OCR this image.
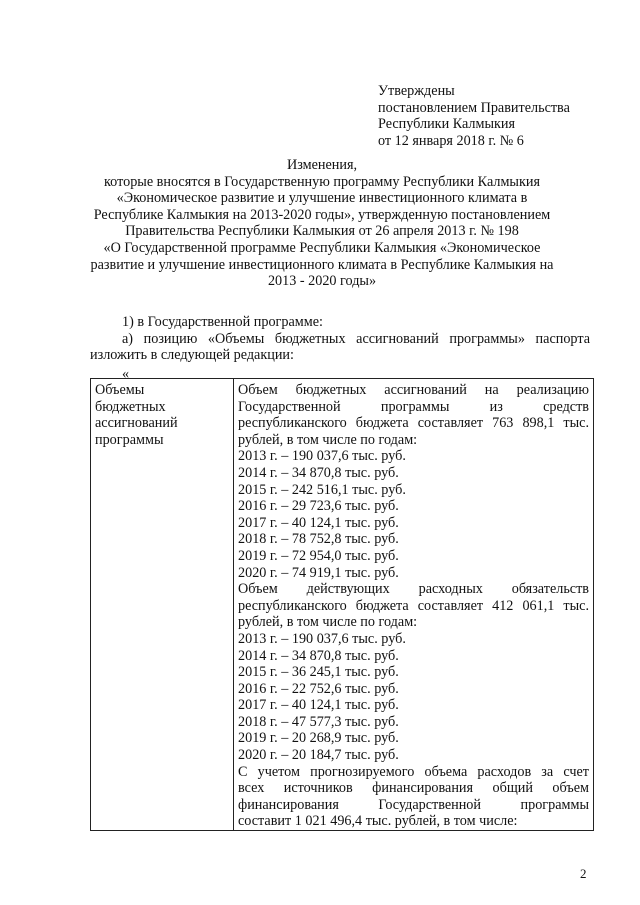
Утверждены
постановлением Правительства
Республики Калмыкия
от 12 января 2018 г. № 6
Изменения,
которые вносятся в Государственную программу Республики Калмыкия
«Экономическое развитие и улучшение инвестиционного климата в
Республике Калмыкия на 2013-2020 годы», утвержденную постановлением
Правительства Республики Калмыкия от 26 апреля 2013 г. № 198
«О Государственной программе Республики Калмыкия «Экономическое
развитие и улучшение инвестиционного климата в Республике Калмыкия на
2013 - 2020 годы»
1) в Государственной программе:
а) позицию «Объемы бюджетных ассигнований программы» паспорта
изложить в следующей редакции:
«
Объемы
бюджетных
ассигнований
программы

Объем бюджетных ассигнований на реализацию
Государственной программы из средств
республиканского бюджета составляет 763 898,1 тыс.
рублей, в том числе по годам:
2013 г. – 190 037,6 тыс. руб.
2014 г. – 34 870,8 тыс. руб.
2015 г. – 242 516,1 тыс. руб.
2016 г. – 29 723,6 тыс. руб.
2017 г. – 40 124,1 тыс. руб.
2018 г. – 78 752,8 тыс. руб.
2019 г. – 72 954,0 тыс. руб.
2020 г. – 74 919,1 тыс. руб.
Объем действующих расходных обязательств
республиканского бюджета составляет 412 061,1 тыс.
рублей, в том числе по годам:
2013 г. – 190 037,6 тыс. руб.
2014 г. – 34 870,8 тыс. руб.
2015 г. – 36 245,1 тыс. руб.
2016 г. – 22 752,6 тыс. руб.
2017 г. – 40 124,1 тыс. руб.
2018 г. – 47 577,3 тыс. руб.
2019 г. – 20 268,9 тыс. руб.
2020 г. – 20 184,7 тыс. руб.
С учетом прогнозируемого объема расходов за счет
всех источников финансирования общий объем
финансирования Государственной программы
составит 1 021 496,4 тыс. рублей, в том числе:
2
